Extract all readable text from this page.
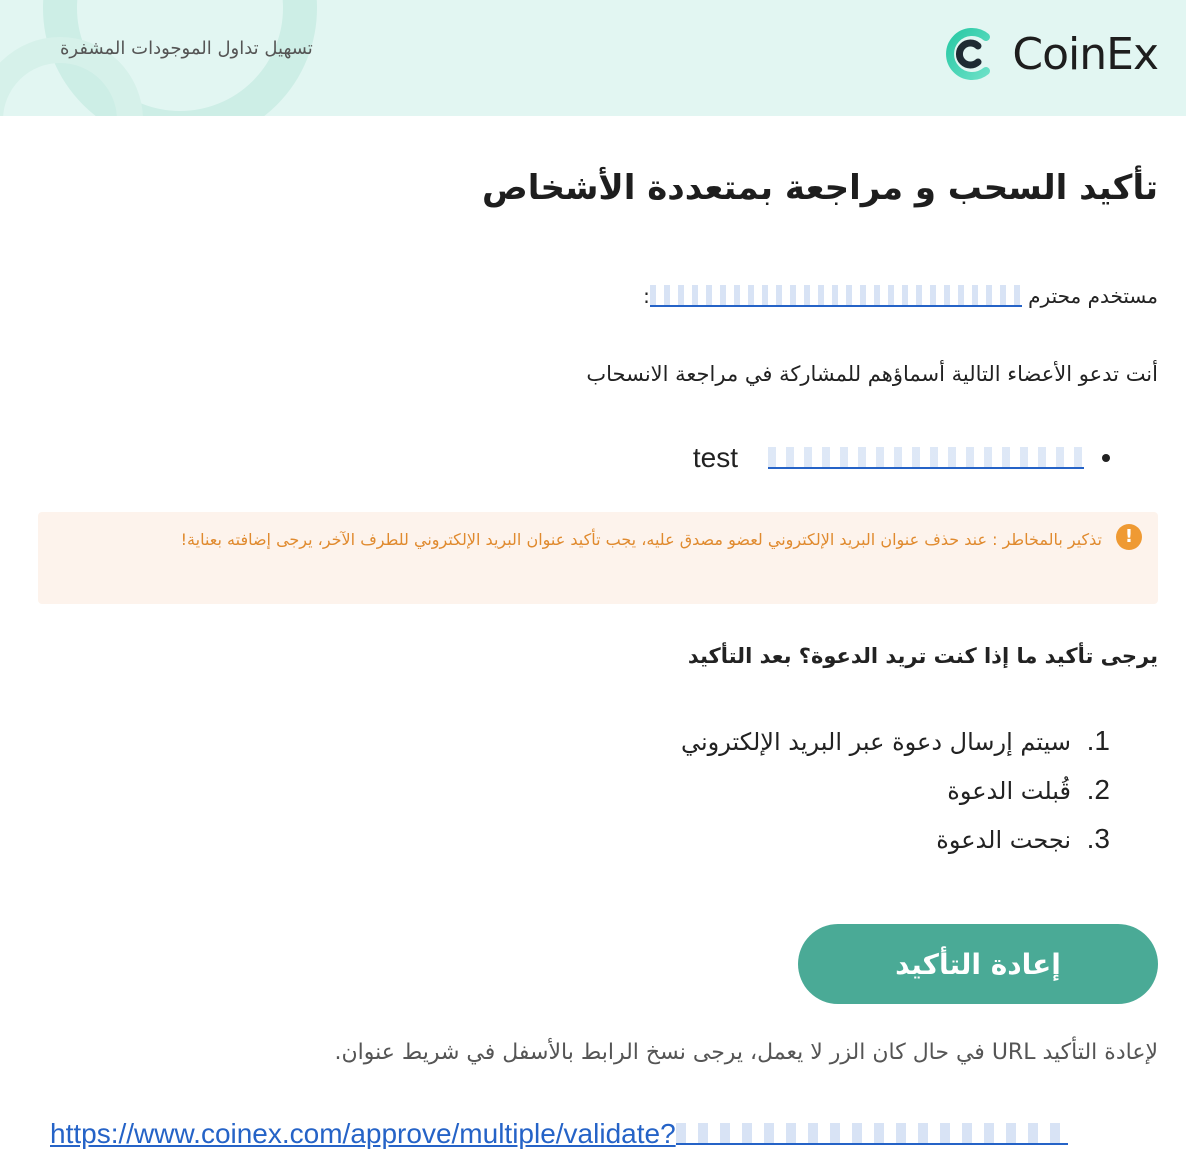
تسهيل تداول الموجودات المشفرة	CoinEx
تأكيد السحب و مراجعة بمتعددة الأشخاص
مستخدم محترم :
أنت تدعو الأعضاء التالية أسماؤهم للمشاركة في مراجعة الانسحاب
test
!
تذكير بالمخاطر : عند حذف عنوان البريد الإلكتروني لعضو مصدق عليه، يجب تأكيد عنوان البريد الإلكتروني للطرف الآخر، يرجى إضافته بعناية!
يرجى تأكيد ما إذا كنت تريد الدعوة؟ بعد التأكيد
1. سيتم إرسال دعوة عبر البريد الإلكتروني
2. قُبلت الدعوة
3. نجحت الدعوة
إعادة التأكيد
لإعادة التأكيد URL في حال كان الزر لا يعمل، يرجى نسخ الرابط بالأسفل في شريط عنوان.
https://www.coinex.com/approve/multiple/validate?
